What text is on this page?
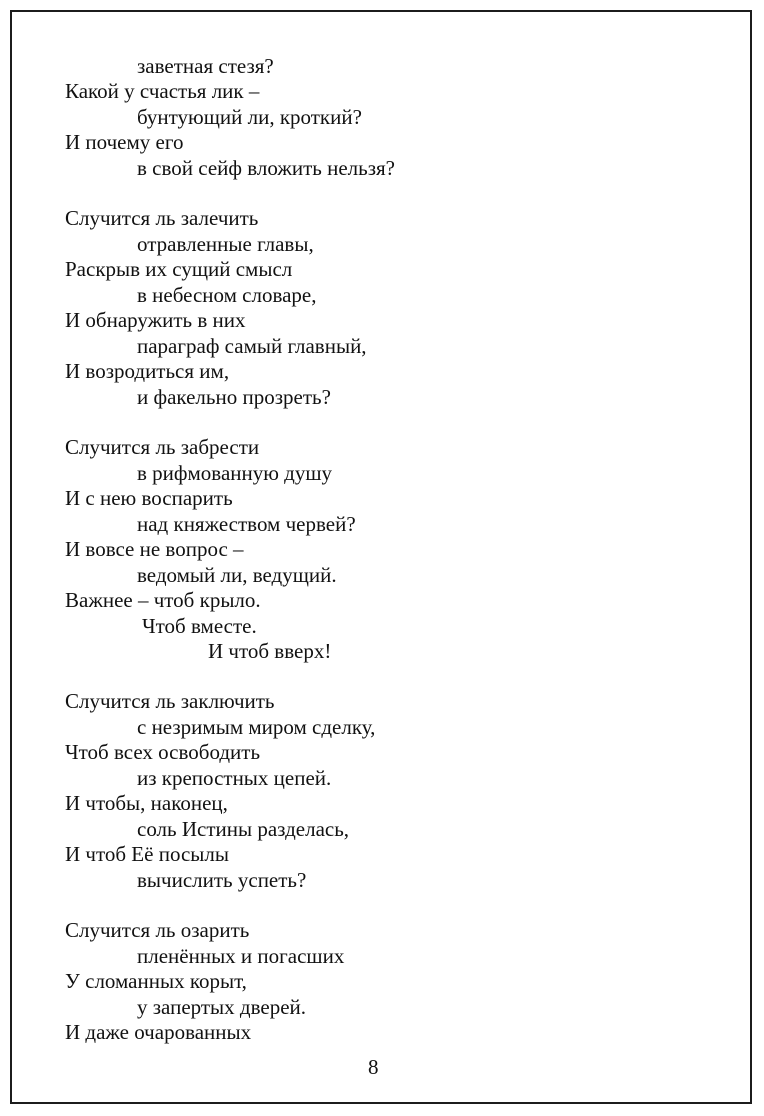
заветная стезя?
Какой у счастья лик –
бунтующий ли, кроткий?
И почему его
в свой сейф вложить нельзя?
Случится ль залечить
отравленные главы,
Раскрыв их сущий смысл
в небесном словаре,
И обнаружить в них
параграф самый главный,
И возродиться им,
и факельно прозреть?
Случится ль забрести
в рифмованную душу
И с нею воспарить
над княжеством червей?
И вовсе не вопрос –
ведомый ли, ведущий.
Важнее – чтоб крыло.
Чтоб вместе.
И чтоб вверх!
Случится ль заключить
с незримым миром сделку,
Чтоб всех освободить
из крепостных цепей.
И чтобы, наконец,
соль Истины разделась,
И чтоб Её посылы
вычислить успеть?
Случится ль озарить
пленённых и погасших
У сломанных корыт,
у запертых дверей.
И даже очарованных
8
